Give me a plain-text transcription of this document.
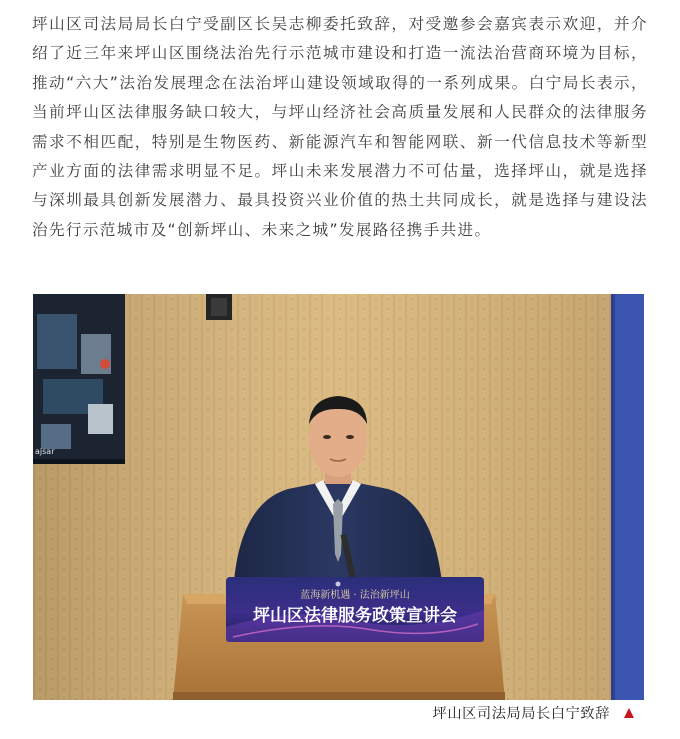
坪山区司法局局长白宁受副区长吴志柳委托致辞，对受邀参会嘉宾表示欢迎，并介绍了近三年来坪山区围绕法治先行示范城市建设和打造一流法治营商环境为目标，推动“六大”法治发展理念在法治坪山建设领域取得的一系列成果。白宁局长表示，当前坪山区法律服务缺口较大，与坪山经济社会高质量发展和人民群众的法律服务需求不相匹配，特别是生物医药、新能源汽车和智能网联、新一代信息技术等新型产业方面的法律需求明显不足。坪山未来发展潜力不可估量，选择坪山，就是选择与深圳最具创新发展潜力、最具投资兴业价值的热土共同成长，就是选择与建设法治先行示范城市及“创新坪山、未来之城”发展路径携手共进。

ajsar
蓝海新机遇 · 法治新坪山
坪山区法律服务政策宣讲会
坪山区司法局局长白宁致辞
